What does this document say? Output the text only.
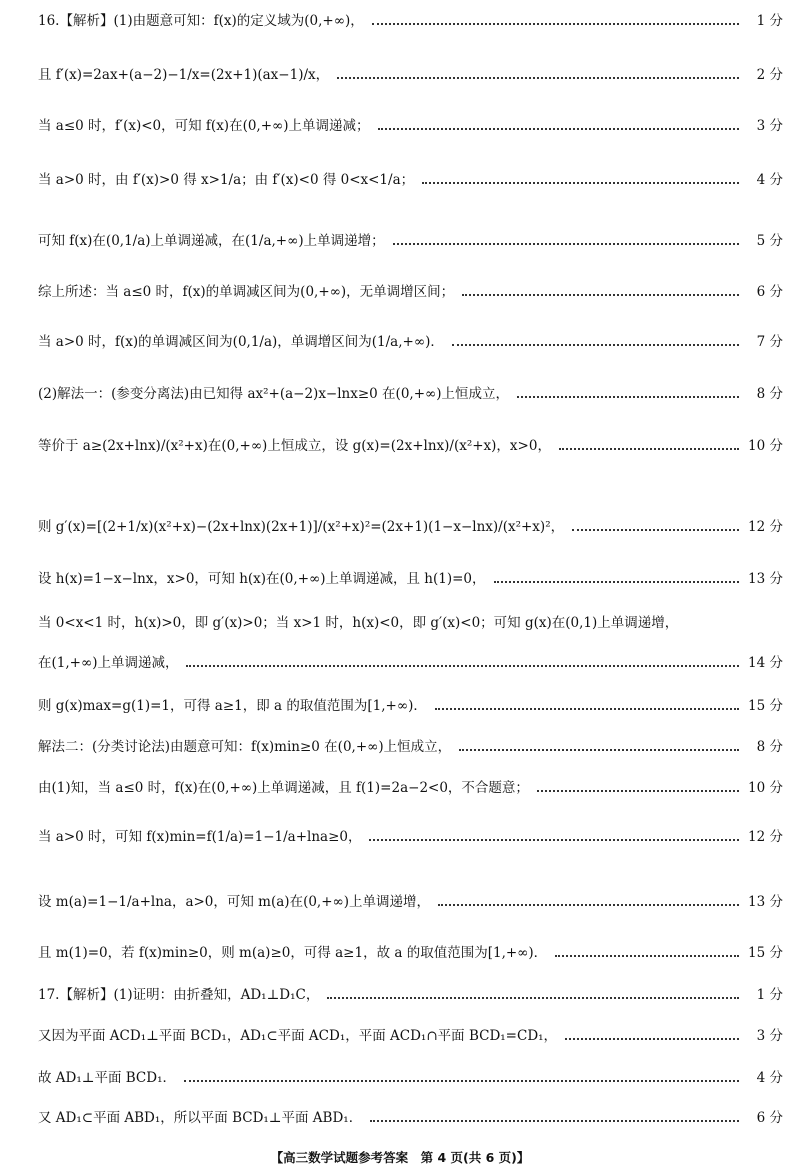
16.【解析】(1)由题意可知：f(x)的定义域为(0,+∞)，	1 分
且 f′(x)=2ax+(a−2)−1/x=(2x+1)(ax−1)/x，	2 分
当 a≤0 时，f′(x)<0，可知 f(x)在(0,+∞)上单调递减；	3 分
当 a>0 时，由 f′(x)>0 得 x>1/a；由 f′(x)<0 得 0<x<1/a；	4 分
可知 f(x)在(0,1/a)上单调递减，在(1/a,+∞)上单调递增；	5 分
综上所述：当 a≤0 时，f(x)的单调减区间为(0,+∞)，无单调增区间；	6 分
当 a>0 时，f(x)的单调减区间为(0,1/a)，单调增区间为(1/a,+∞)．	7 分
(2)解法一：(参变分离法)由已知得 ax²+(a−2)x−lnx≥0 在(0,+∞)上恒成立，	8 分
等价于 a≥(2x+lnx)/(x²+x)在(0,+∞)上恒成立，设 g(x)=(2x+lnx)/(x²+x)，x>0，	10 分
则 g′(x)=[(2+1/x)(x²+x)−(2x+lnx)(2x+1)]/(x²+x)²=(2x+1)(1−x−lnx)/(x²+x)²，	12 分
设 h(x)=1−x−lnx，x>0，可知 h(x)在(0,+∞)上单调递减，且 h(1)=0，	13 分
当 0<x<1 时，h(x)>0，即 g′(x)>0；当 x>1 时，h(x)<0，即 g′(x)<0；可知 g(x)在(0,1)上单调递增，
在(1,+∞)上单调递减，	14 分
则 g(x)max=g(1)=1，可得 a≥1，即 a 的取值范围为[1,+∞)．	15 分
解法二：(分类讨论法)由题意可知：f(x)min≥0 在(0,+∞)上恒成立，	8 分
由(1)知，当 a≤0 时，f(x)在(0,+∞)上单调递减，且 f(1)=2a−2<0，不合题意；	10 分
当 a>0 时，可知 f(x)min=f(1/a)=1−1/a+lna≥0，	12 分
设 m(a)=1−1/a+lna，a>0，可知 m(a)在(0,+∞)上单调递增，	13 分
且 m(1)=0，若 f(x)min≥0，则 m(a)≥0，可得 a≥1，故 a 的取值范围为[1,+∞)．	15 分
17.【解析】(1)证明：由折叠知，AD₁⊥D₁C，	1 分
又因为平面 ACD₁⊥平面 BCD₁，AD₁⊂平面 ACD₁，平面 ACD₁∩平面 BCD₁=CD₁，	3 分
故 AD₁⊥平面 BCD₁．	4 分
又 AD₁⊂平面 ABD₁，所以平面 BCD₁⊥平面 ABD₁．	6 分
【高三数学试题参考答案　第 4 页(共 6 页)】
